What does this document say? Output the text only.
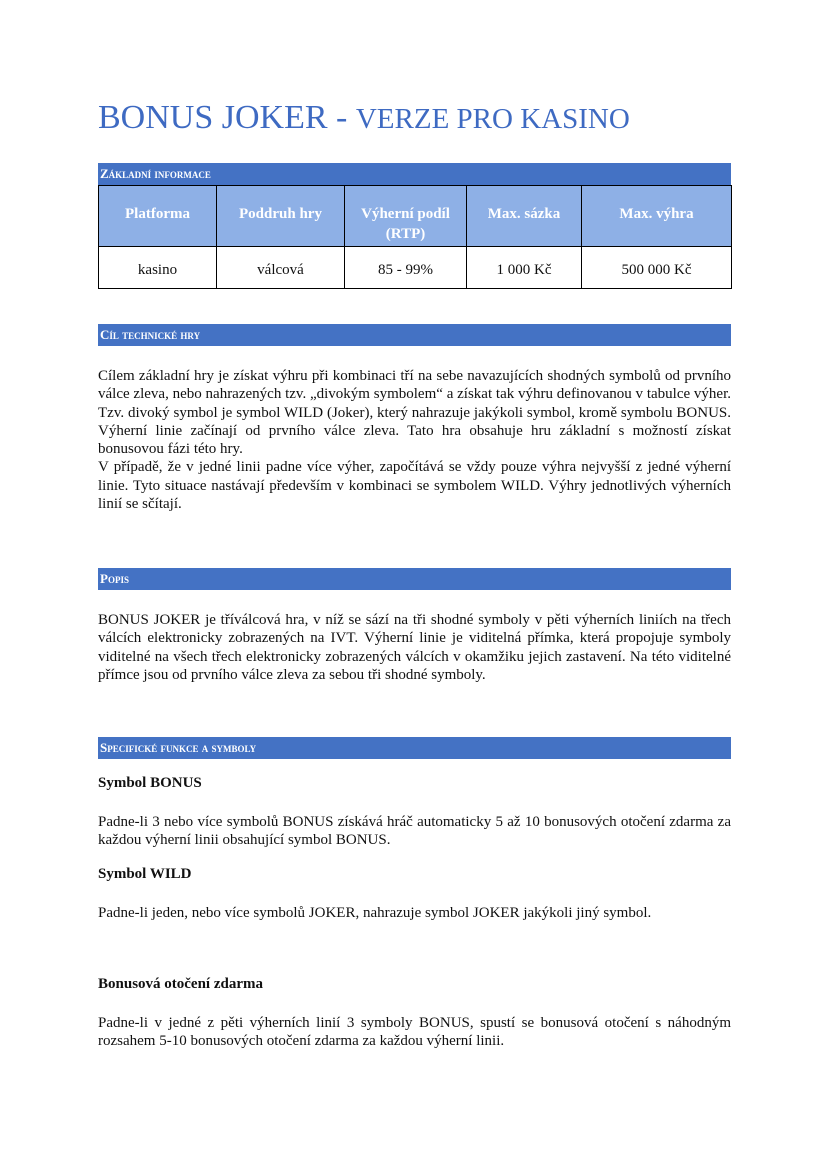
BONUS JOKER - VERZE PRO KASINO
Základní informace
Platforma	Poddruh hry	Výherní podíl (RTP)	Max. sázka	Max. výhra
kasino	válcová	85 - 99%	1 000 Kč	500 000 Kč
Cíl technické hry

Cílem základní hry je získat výhru při kombinaci tří na sebe navazujících shodných symbolů od prvního válce zleva, nebo nahrazených tzv. „divokým symbolem“ a získat tak výhru definovanou v tabulce výher. Tzv. divoký symbol je symbol WILD (Joker), který nahrazuje jakýkoli symbol, kromě symbolu BONUS. Výherní linie začínají od prvního válce zleva. Tato hra obsahuje hru základní s možností získat bonusovou fázi této hry.

V případě, že v jedné linii padne více výher, započítává se vždy pouze výhra nejvyšší z jedné výherní linie. Tyto situace nastávají především v kombinaci se symbolem WILD. Výhry jednotlivých výherních linií se sčítají.

Popis

BONUS JOKER je tříválcová hra, v níž se sází na tři shodné symboly v pěti výherních liniích na třech válcích elektronicky zobrazených na IVT. Výherní linie je viditelná přímka, která propojuje symboly viditelné na všech třech elektronicky zobrazených válcích v okamžiku jejich zastavení. Na této viditelné přímce jsou od prvního válce zleva za sebou tři shodné symboly.

Specifické funkce a symboly
Symbol BONUS

Padne-li 3 nebo více symbolů BONUS získává hráč automaticky 5 až 10 bonusových otočení zdarma za každou výherní linii obsahující symbol BONUS.

Symbol WILD

Padne-li jeden, nebo více symbolů JOKER, nahrazuje symbol JOKER jakýkoli jiný symbol.

Bonusová otočení zdarma

Padne-li v jedné z pěti výherních linií 3 symboly BONUS, spustí se bonusová otočení s náhodným rozsahem 5-10 bonusových otočení zdarma za každou výherní linii.
